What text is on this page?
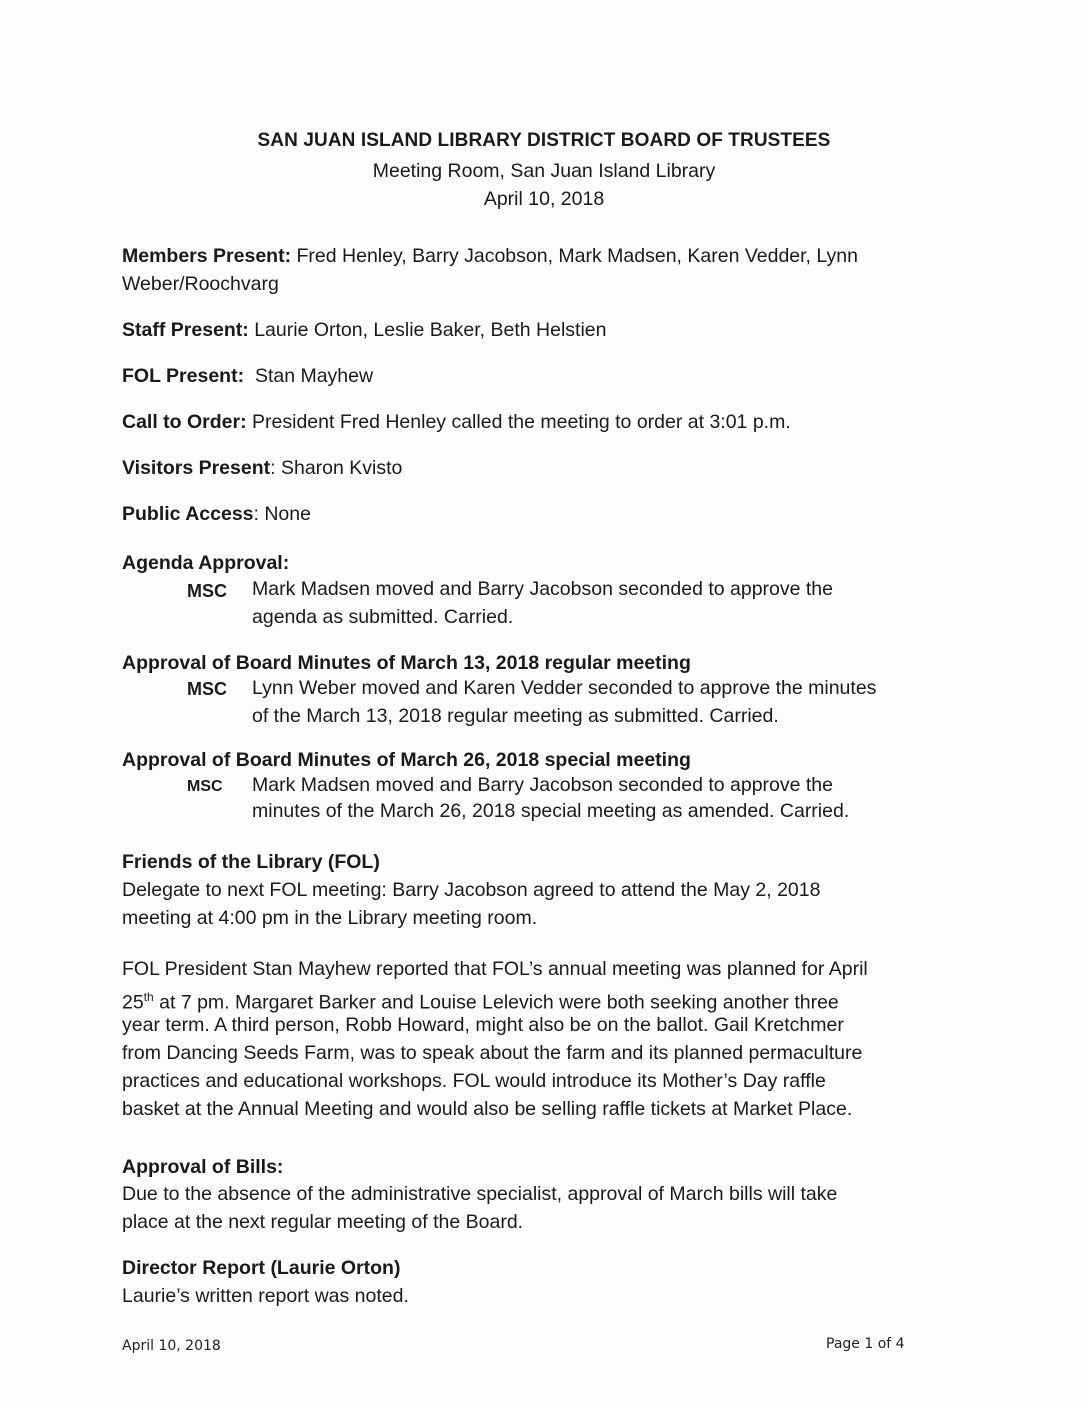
SAN JUAN ISLAND LIBRARY DISTRICT BOARD OF TRUSTEES

Meeting Room, San Juan Island Library

April 10, 2018

Members Present: Fred Henley, Barry Jacobson, Mark Madsen, Karen Vedder, Lynn

Weber/Roochvarg

Staff Present: Laurie Orton, Leslie Baker, Beth Helstien

FOL Present: Stan Mayhew

Call to Order: President Fred Henley called the meeting to order at 3:01 p.m.

Visitors Present: Sharon Kvisto

Public Access: None

Agenda Approval:

MSC Mark Madsen moved and Barry Jacobson seconded to approve the

agenda as submitted. Carried.

Approval of Board Minutes of March 13, 2018 regular meeting

MSC Lynn Weber moved and Karen Vedder seconded to approve the minutes

of the March 13, 2018 regular meeting as submitted. Carried.

Approval of Board Minutes of March 26, 2018 special meeting

MSC Mark Madsen moved and Barry Jacobson seconded to approve the

minutes of the March 26, 2018 special meeting as amended. Carried.

Friends of the Library (FOL)

Delegate to next FOL meeting: Barry Jacobson agreed to attend the May 2, 2018

meeting at 4:00 pm in the Library meeting room.

FOL President Stan Mayhew reported that FOL’s annual meeting was planned for April

25th at 7 pm. Margaret Barker and Louise Lelevich were both seeking another three

year term. A third person, Robb Howard, might also be on the ballot. Gail Kretchmer

from Dancing Seeds Farm, was to speak about the farm and its planned permaculture

practices and educational workshops. FOL would introduce its Mother’s Day raffle

basket at the Annual Meeting and would also be selling raffle tickets at Market Place.

Approval of Bills:

Due to the absence of the administrative specialist, approval of March bills will take

place at the next regular meeting of the Board.

Director Report (Laurie Orton)

Laurie’s written report was noted.

April 10, 2018	Page 1 of 4
